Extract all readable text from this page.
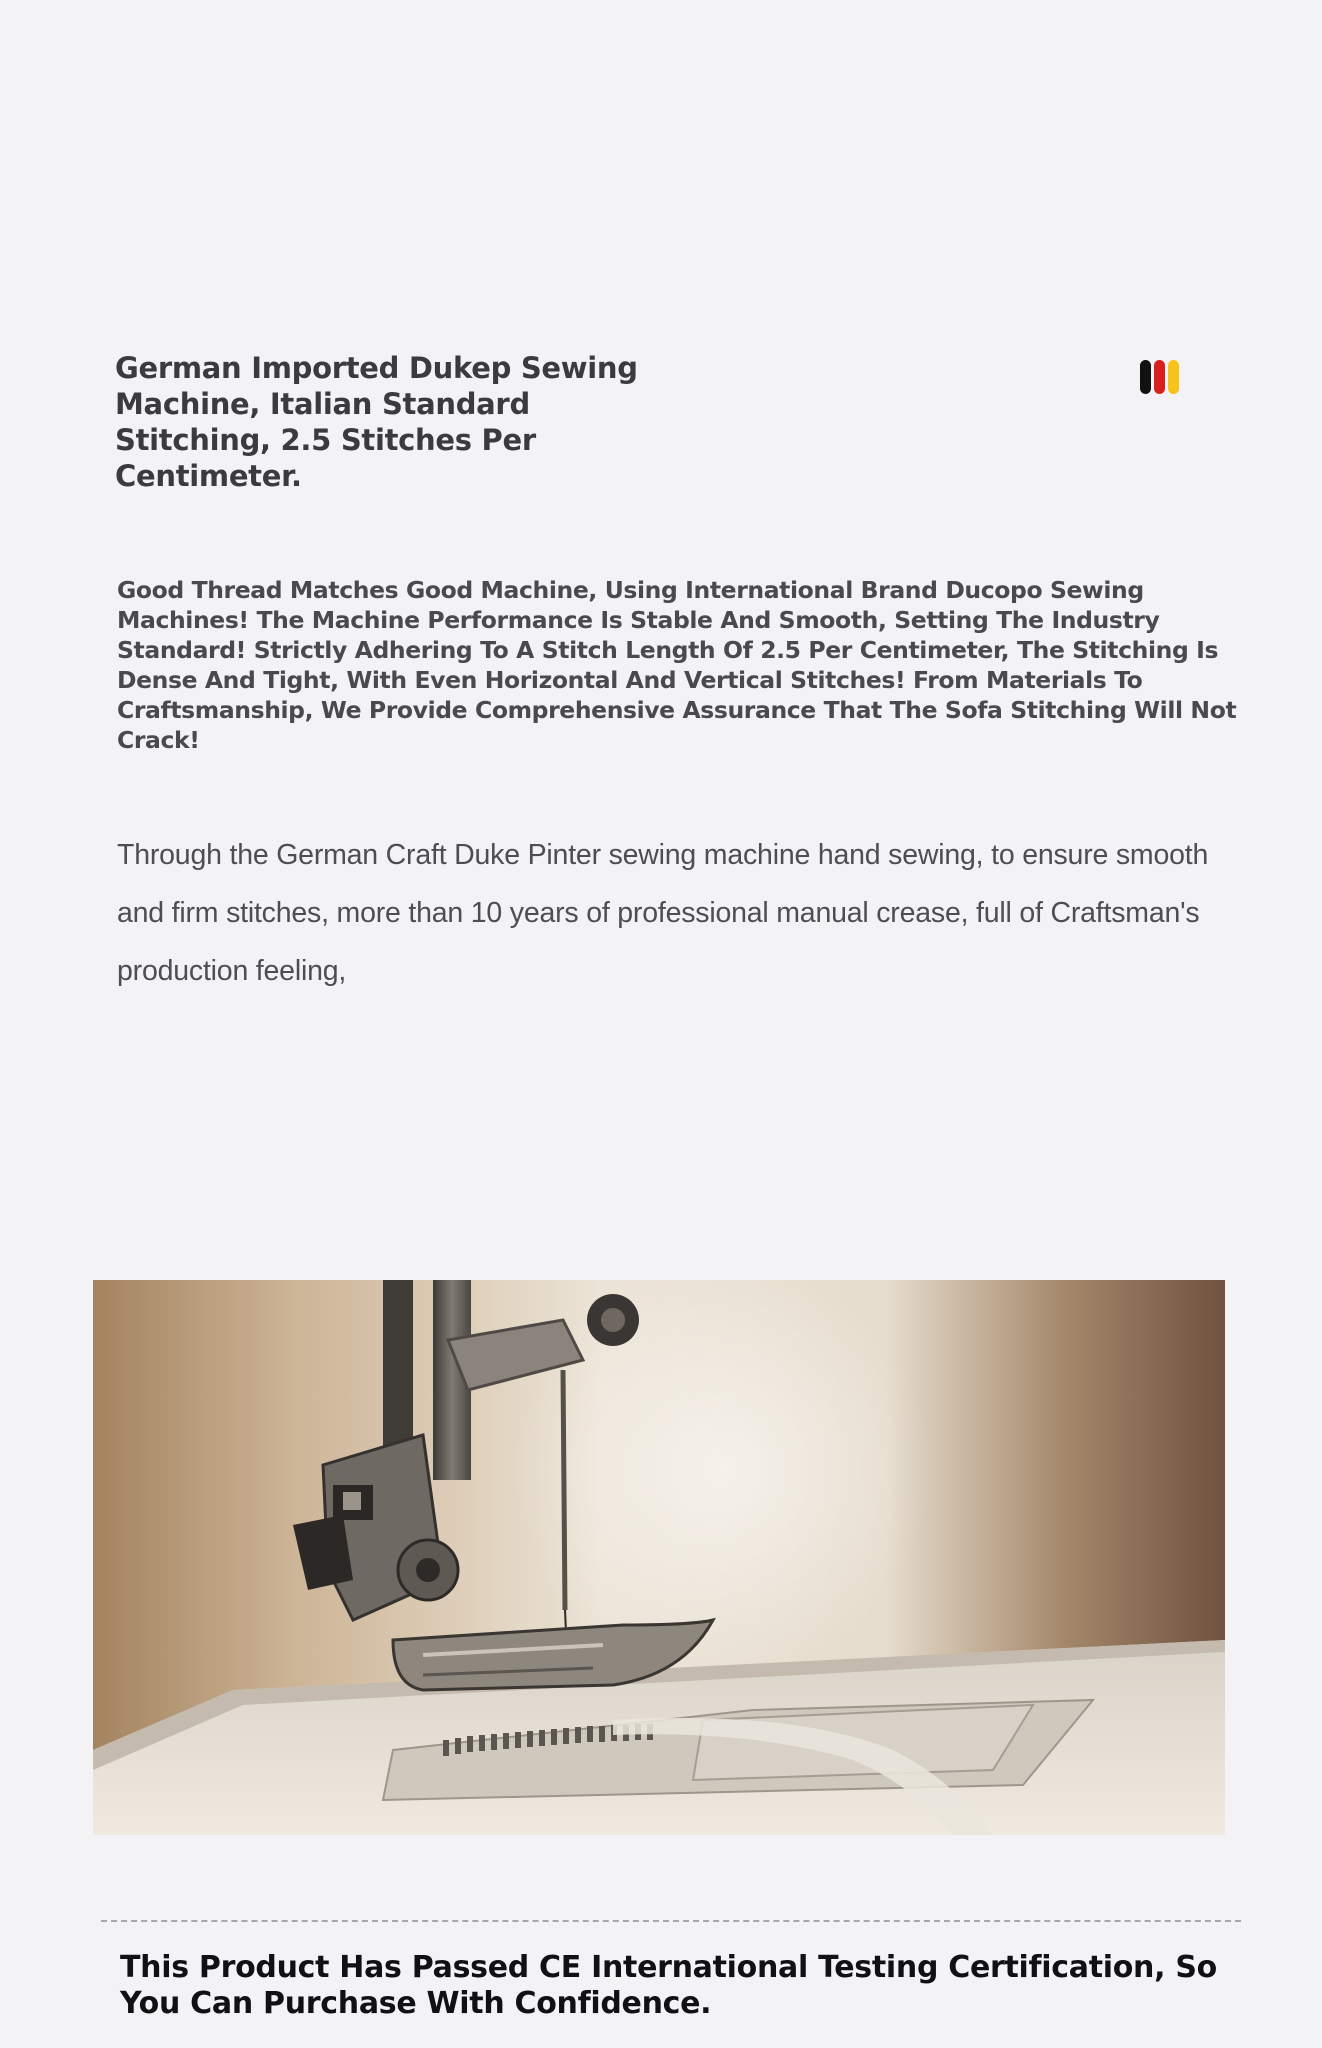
German Imported Dukep Sewing Machine, Italian Standard Stitching, 2.5 Stitches Per Centimeter.

Good Thread Matches Good Machine, Using International Brand Ducopo Sewing Machines! The Machine Performance Is Stable And Smooth, Setting The Industry Standard! Strictly Adhering To A Stitch Length Of 2.5 Per Centimeter, The Stitching Is Dense And Tight, With Even Horizontal And Vertical Stitches! From Materials To Craftsmanship, We Provide Comprehensive Assurance That The Sofa Stitching Will Not Crack!

Through the German Craft Duke Pinter sewing machine hand sewing, to ensure smooth and firm stitches, more than 10 years of professional manual crease, full of Craftsman's production feeling,

This Product Has Passed CE International Testing Certification, So You Can Purchase With Confidence.
